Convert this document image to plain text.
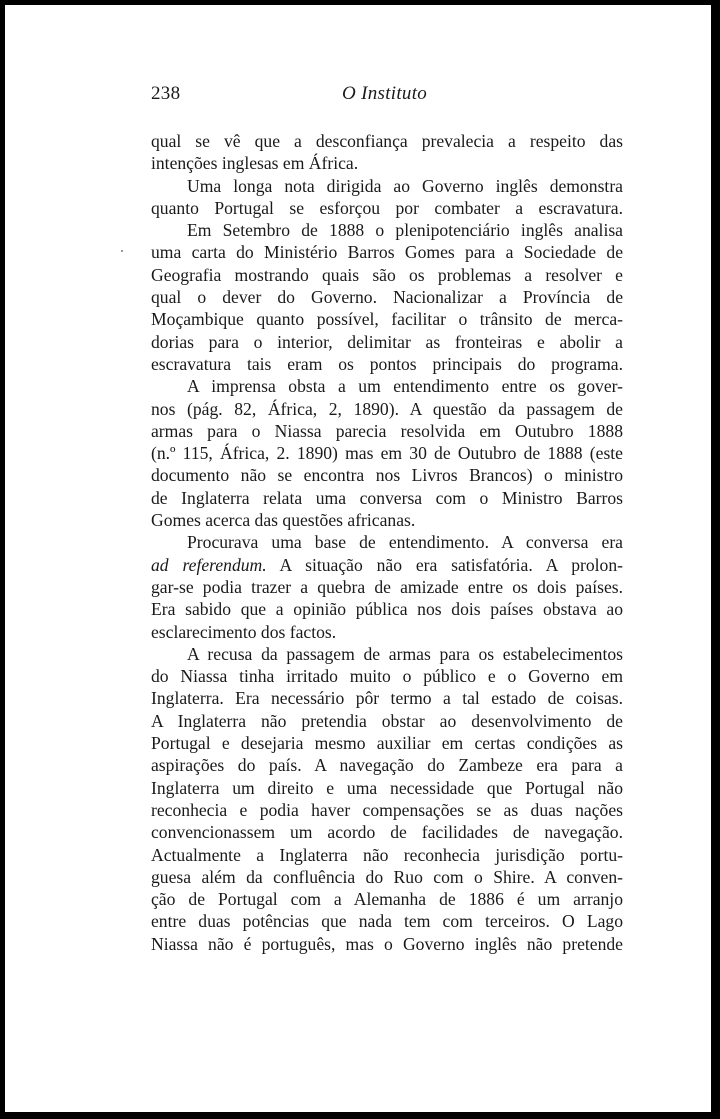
238	O Instituto
qual se vê que a desconfiança prevalecia a respeito das
intenções inglesas em África.
Uma longa nota dirigida ao Governo inglês demonstra
quanto Portugal se esforçou por combater a escravatura.
Em Setembro de 1888 o plenipotenciário inglês analisa
uma carta do Ministério Barros Gomes para a Sociedade de
Geografia mostrando quais são os problemas a resolver e
qual o dever do Governo. Nacionalizar a Província de
Moçambique quanto possível, facilitar o trânsito de merca-
dorias para o interior, delimitar as fronteiras e abolir a
escravatura tais eram os pontos principais do programa.
A imprensa obsta a um entendimento entre os gover-
nos (pág. 82, África, 2, 1890). A questão da passagem de
armas para o Niassa parecia resolvida em Outubro 1888
(n.º 115, África, 2. 1890) mas em 30 de Outubro de 1888 (este
documento não se encontra nos Livros Brancos) o ministro
de Inglaterra relata uma conversa com o Ministro Barros
Gomes acerca das questões africanas.
Procurava uma base de entendimento. A conversa era
ad referendum. A situação não era satisfatória. A prolon-
gar-se podia trazer a quebra de amizade entre os dois países.
Era sabido que a opinião pública nos dois países obstava ao
esclarecimento dos factos.
A recusa da passagem de armas para os estabelecimentos
do Niassa tinha irritado muito o público e o Governo em
Inglaterra. Era necessário pôr termo a tal estado de coisas.
A Inglaterra não pretendia obstar ao desenvolvimento de
Portugal e desejaria mesmo auxiliar em certas condições as
aspirações do país. A navegação do Zambeze era para a
Inglaterra um direito e uma necessidade que Portugal não
reconhecia e podia haver compensações se as duas nações
convencionassem um acordo de facilidades de navegação.
Actualmente a Inglaterra não reconhecia jurisdição portu-
guesa além da confluência do Ruo com o Shire. A conven-
ção de Portugal com a Alemanha de 1886 é um arranjo
entre duas potências que nada tem com terceiros. O Lago
Niassa não é português, mas o Governo inglês não pretende
